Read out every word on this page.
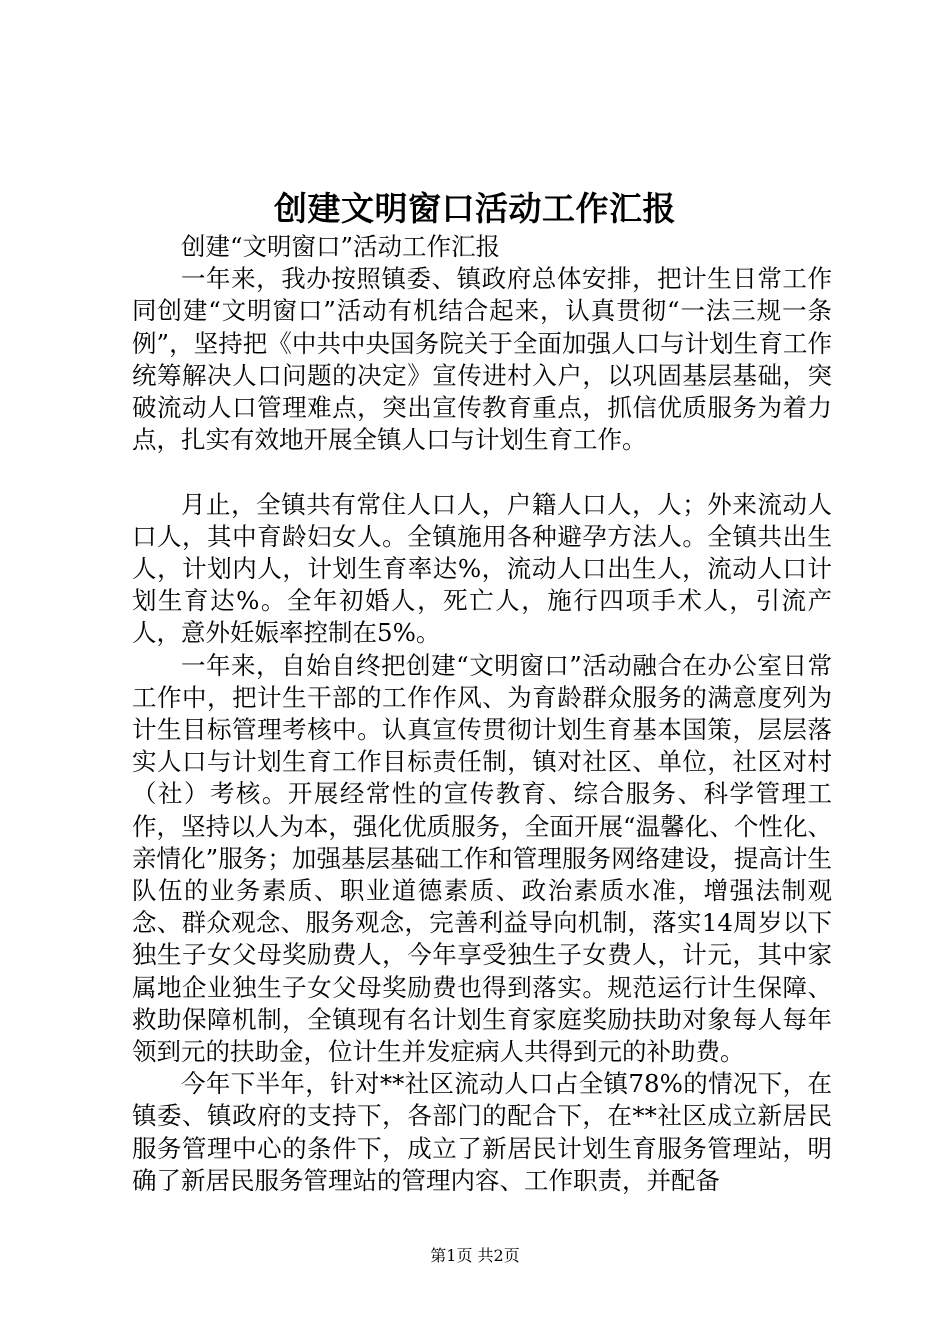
创建文明窗口活动工作汇报

创建“文明窗口”活动工作汇报

一年来，我办按照镇委、镇政府总体安排，把计生日常工作同创建“文明窗口”活动有机结合起来，认真贯彻“一法三规一条例”，坚持把《中共中央国务院关于全面加强人口与计划生育工作统筹解决人口问题的决定》宣传进村入户，以巩固基层基础，突破流动人口管理难点，突出宣传教育重点，抓信优质服务为着力点，扎实有效地开展全镇人口与计划生育工作。

月止，全镇共有常住人口人，户籍人口人，人；外来流动人口人，其中育龄妇女人。全镇施用各种避孕方法人。全镇共出生人，计划内人，计划生育率达%，流动人口出生人，流动人口计划生育达%。全年初婚人，死亡人，施行四项手术人，引流产人，意外妊娠率控制在5%。

一年来，自始自终把创建“文明窗口”活动融合在办公室日常工作中，把计生干部的工作作风、为育龄群众服务的满意度列为计生目标管理考核中。认真宣传贯彻计划生育基本国策，层层落实人口与计划生育工作目标责任制，镇对社区、单位，社区对村（社）考核。开展经常性的宣传教育、综合服务、科学管理工作，坚持以人为本，强化优质服务，全面开展“温馨化、个性化、亲情化”服务；加强基层基础工作和管理服务网络建设，提高计生队伍的业务素质、职业道德素质、政治素质水准，增强法制观念、群众观念、服务观念，完善利益导向机制，落实14周岁以下独生子女父母奖励费人，今年享受独生子女费人，计元，其中家属地企业独生子女父母奖励费也得到落实。规范运行计生保障、救助保障机制，全镇现有名计划生育家庭奖励扶助对象每人每年领到元的扶助金，位计生并发症病人共得到元的补助费。

今年下半年，针对**社区流动人口占全镇78%的情况下，在镇委、镇政府的支持下，各部门的配合下，在**社区成立新居民服务管理中心的条件下，成立了新居民计划生育服务管理站，明确了新居民服务管理站的管理内容、工作职责，并配备

第1页 共2页
